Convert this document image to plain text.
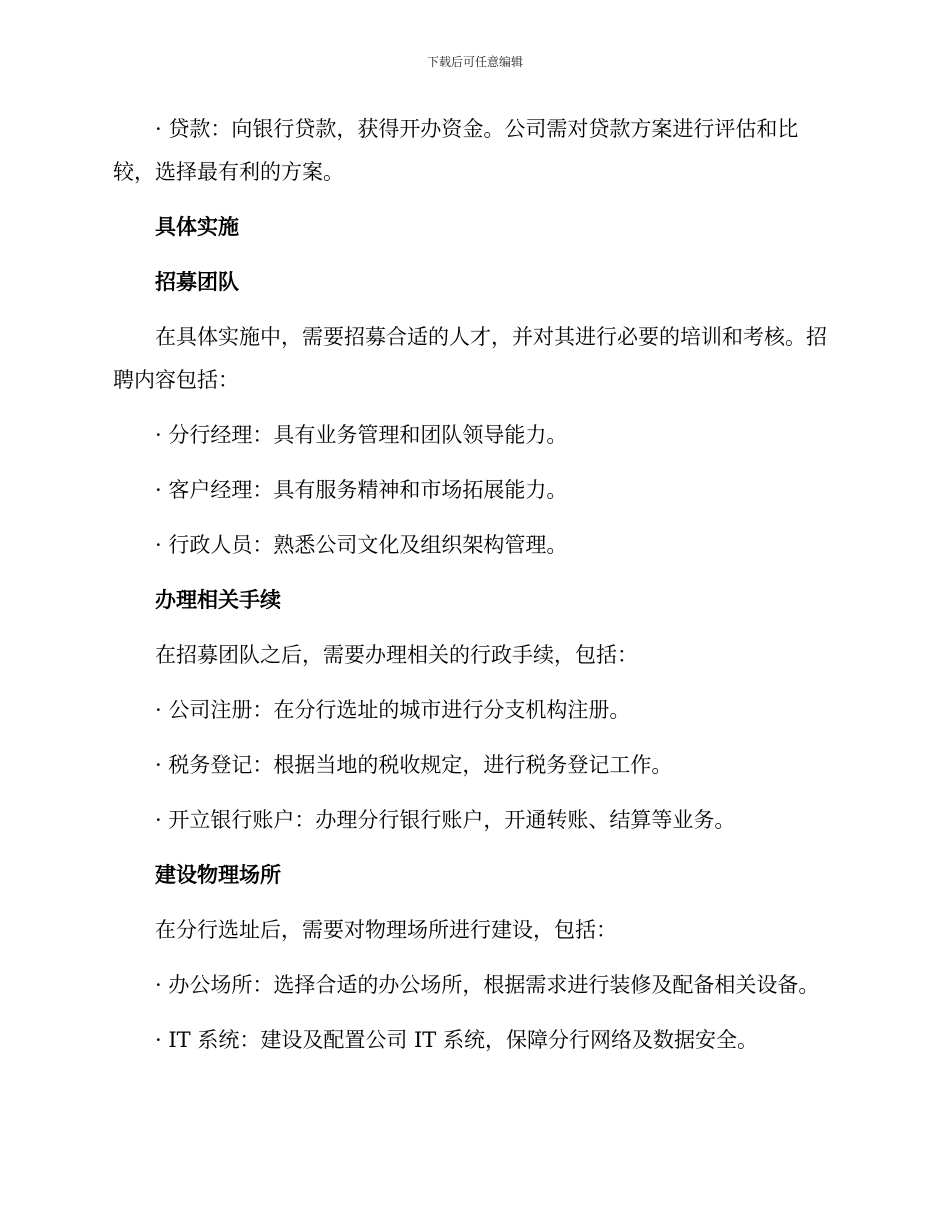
下载后可任意编辑

· 贷款：向银行贷款，获得开办资金。公司需对贷款方案进行评估和比较，选择最有利的方案。

具体实施

招募团队

在具体实施中，需要招募合适的人才，并对其进行必要的培训和考核。招聘内容包括：

· 分行经理：具有业务管理和团队领导能力。

· 客户经理：具有服务精神和市场拓展能力。

· 行政人员：熟悉公司文化及组织架构管理。

办理相关手续

在招募团队之后，需要办理相关的行政手续，包括：

· 公司注册：在分行选址的城市进行分支机构注册。

· 税务登记：根据当地的税收规定，进行税务登记工作。

· 开立银行账户：办理分行银行账户，开通转账、结算等业务。

建设物理场所

在分行选址后，需要对物理场所进行建设，包括：

· 办公场所：选择合适的办公场所，根据需求进行装修及配备相关设备。

· IT 系统：建设及配置公司 IT 系统，保障分行网络及数据安全。
